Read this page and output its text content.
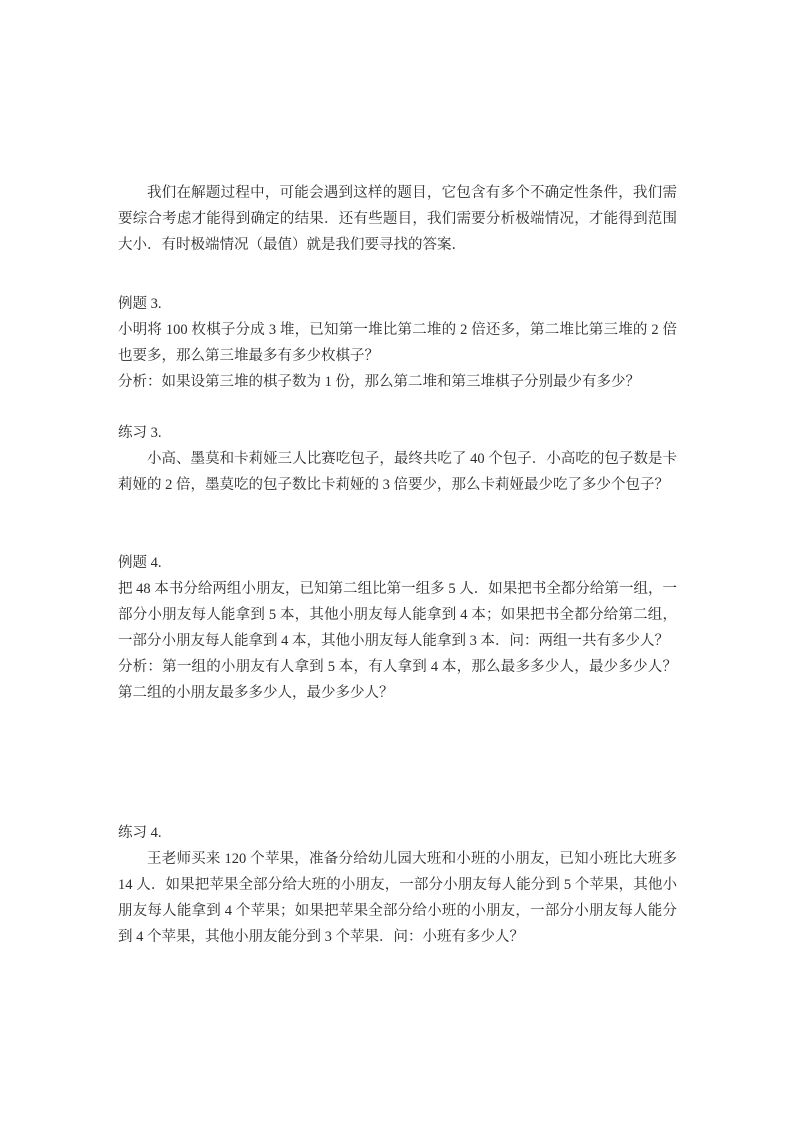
我们在解题过程中，可能会遇到这样的题目，它包含有多个不确定性条件，我们需要综合考虑才能得到确定的结果．还有些题目，我们需要分析极端情况，才能得到范围大小．有时极端情况（最值）就是我们要寻找的答案．

例题 3.

小明将 100 枚棋子分成 3 堆，已知第一堆比第二堆的 2 倍还多，第二堆比第三堆的 2 倍也要多，那么第三堆最多有多少枚棋子？

分析：如果设第三堆的棋子数为 1 份，那么第二堆和第三堆棋子分别最少有多少？

练习 3.

小高、墨莫和卡莉娅三人比赛吃包子，最终共吃了 40 个包子．小高吃的包子数是卡莉娅的 2 倍，墨莫吃的包子数比卡莉娅的 3 倍要少，那么卡莉娅最少吃了多少个包子？

例题 4.

把 48 本书分给两组小朋友，已知第二组比第一组多 5 人．如果把书全都分给第一组，一部分小朋友每人能拿到 5 本，其他小朋友每人能拿到 4 本；如果把书全都分给第二组，一部分小朋友每人能拿到 4 本，其他小朋友每人能拿到 3 本．问：两组一共有多少人？

分析：第一组的小朋友有人拿到 5 本，有人拿到 4 本，那么最多多少人，最少多少人？第二组的小朋友最多多少人，最少多少人？

练习 4.

王老师买来 120 个苹果，准备分给幼儿园大班和小班的小朋友，已知小班比大班多 14 人．如果把苹果全部分给大班的小朋友，一部分小朋友每人能分到 5 个苹果，其他小朋友每人能拿到 4 个苹果；如果把苹果全部分给小班的小朋友，一部分小朋友每人能分到 4 个苹果，其他小朋友能分到 3 个苹果．问：小班有多少人？
